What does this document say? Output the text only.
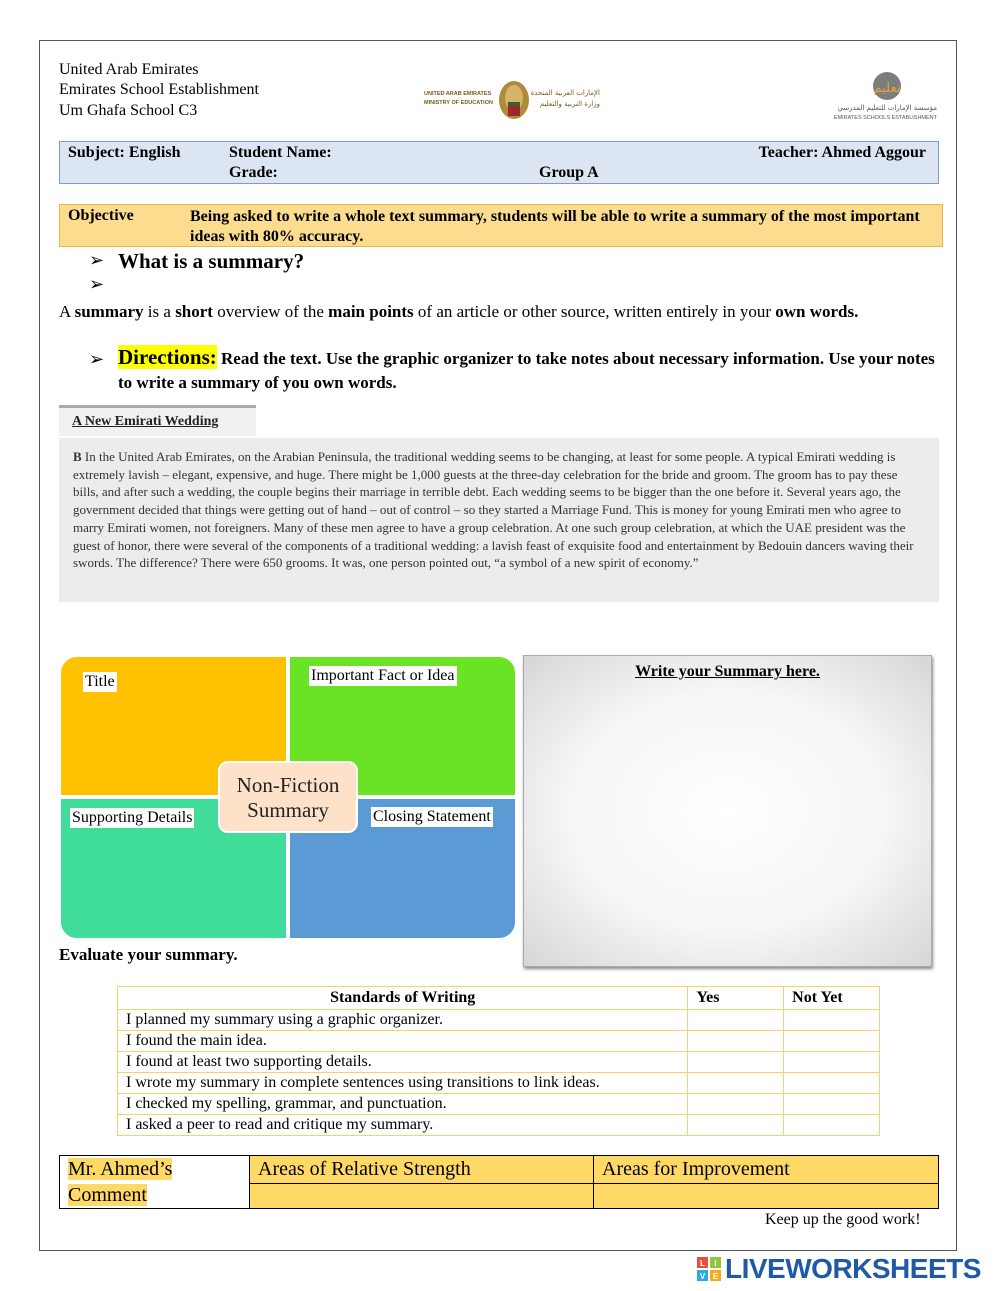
United Arab Emirates
Emirates School Establishment
Um Ghafa School C3
UNITED ARAB EMIRATES
MINISTRY OF EDUCATION
الإمارات العربية المتحدة
وزارة التربية والتعليم
تعليم
مؤسسة الإمارات للتعليم المدرسي
EMIRATES SCHOOLS ESTABLISHMENT
Subject: English	Student Name:
Grade:	Group A
Teacher: Ahmed Aggour
Objective	Being asked to write a whole text summary, students will be able to write a summary of the most important ideas with 80% accuracy.
➢ What is a summary?
➢
A summary is a short overview of the main points of an article or other source, written entirely in your own words.
➢ Directions: Read the text. Use the graphic organizer to take notes about necessary information. Use your notes to write a summary of you own words.
A New Emirati Wedding
B In the United Arab Emirates, on the Arabian Peninsula, the traditional wedding seems to be changing, at least for some people. A typical Emirati wedding is extremely lavish – elegant, expensive, and huge. There might be 1,000 guests at the three-day celebration for the bride and groom. The groom has to pay these bills, and after such a wedding, the couple begins their marriage in terrible debt. Each wedding seems to be bigger than the one before it. Several years ago, the government decided that things were getting out of hand – out of control – so they started a Marriage Fund. This is money for young Emirati men who agree to marry Emirati women, not foreigners. Many of these men agree to have a group celebration. At one such group celebration, at which the UAE president was the guest of honor, there were several of the components of a traditional wedding: a lavish feast of exquisite food and entertainment by Bedouin dancers waving their swords. The difference? There were 650 grooms. It was, one person pointed out, “a symbol of a new spirit of economy.”
Title	Important Fact or Idea
Supporting Details	Closing Statement
Non-Fiction
Summary
Write your Summary here.
Evaluate your summary.
Standards of Writing	Yes	Not Yet
I planned my summary using a graphic organizer.		
I found the main idea.		
I found at least two supporting details.		
I wrote my summary in complete sentences using transitions to link ideas.		
I checked my spelling, grammar, and punctuation.		
I asked a peer to read and critique my summary.		
Mr. Ahmed’s
Comment	Areas of Relative Strength	Areas for Improvement

Keep up the good work!
L I
V E LIVEWORKSHEETS
